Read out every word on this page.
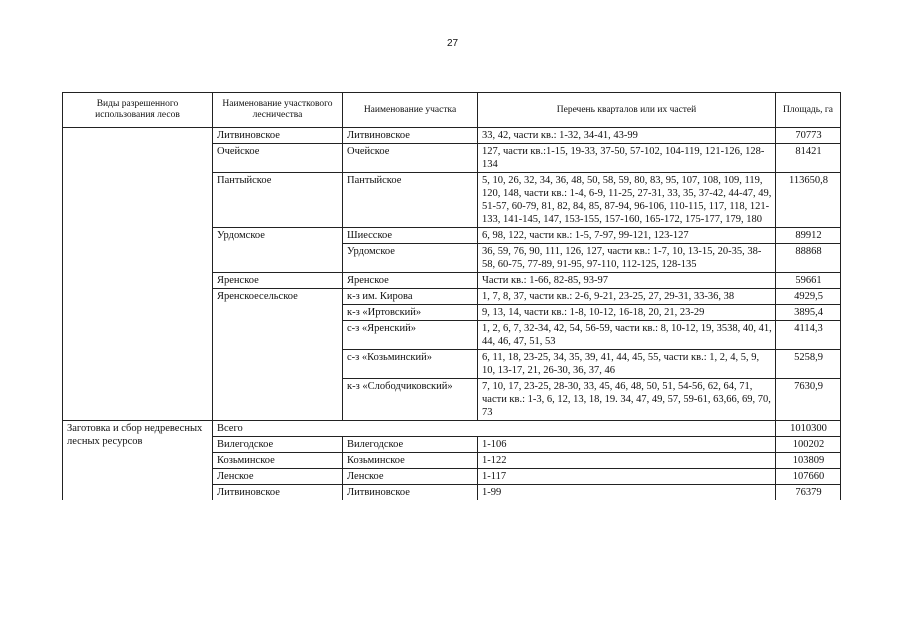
27
Виды разрешенного использования лесов	Наименование участкового лесничества	Наименование участка	Перечень кварталов или их частей	Площадь, га
	Литвиновское	Литвиновское	33, 42, части кв.: 1-32, 34-41, 43-99	70773
	Очейское	Очейское	127, части кв.:1-15, 19-33, 37-50, 57-102, 104-119, 121-126, 128-134	81421
	Пантыйское	Пантыйское	5, 10, 26, 32, 34, 36, 48, 50, 58, 59, 80, 83, 95, 107, 108, 109, 119, 120, 148, части кв.: 1-4, 6-9, 11-25, 27-31, 33, 35, 37-42, 44-47, 49, 51-57, 60-79, 81, 82, 84, 85, 87-94, 96-106, 110-115, 117, 118, 121-133, 141-145, 147, 153-155, 157-160, 165-172, 175-177, 179, 180	113650,8
	Урдомское	Шиесское	6, 98, 122, части кв.: 1-5, 7-97, 99-121, 123-127	89912
		Урдомское	36, 59, 76, 90, 111, 126, 127, части кв.: 1-7, 10, 13-15, 20-35, 38-58, 60-75, 77-89, 91-95, 97-110, 112-125, 128-135	88868
	Яренское	Яренское	Части кв.: 1-66, 82-85, 93-97	59661
	Яренскоесельское	к-з им. Кирова	1, 7, 8, 37, части кв.: 2-6, 9-21, 23-25, 27, 29-31, 33-36, 38	4929,5
		к-з «Иртовский»	9, 13, 14, части кв.: 1-8, 10-12, 16-18, 20, 21, 23-29	3895,4
		с-з «Яренский»	1, 2, 6, 7, 32-34, 42, 54, 56-59, части кв.: 8, 10-12, 19, 3538, 40, 41, 44, 46, 47, 51, 53	4114,3
		с-з «Козьминский»	6, 11, 18, 23-25, 34, 35, 39, 41, 44, 45, 55, части кв.: 1, 2, 4, 5, 9, 10, 13-17, 21, 26-30, 36, 37, 46	5258,9
		к-з «Слободчиковский»	7, 10, 17, 23-25, 28-30, 33, 45, 46, 48, 50, 51, 54-56, 62, 64, 71, части кв.: 1-3, 6, 12, 13, 18, 19. 34, 47, 49, 57, 59-61, 63,66, 69, 70, 73	7630,9
Заготовка и сбор недревесных лесных ресурсов	Всего			1010300
	Вилегодское	Вилегодское	1-106	100202
	Козьминское	Козьминское	1-122	103809
	Ленское	Ленское	1-117	107660
	Литвиновское	Литвиновское	1-99	76379
